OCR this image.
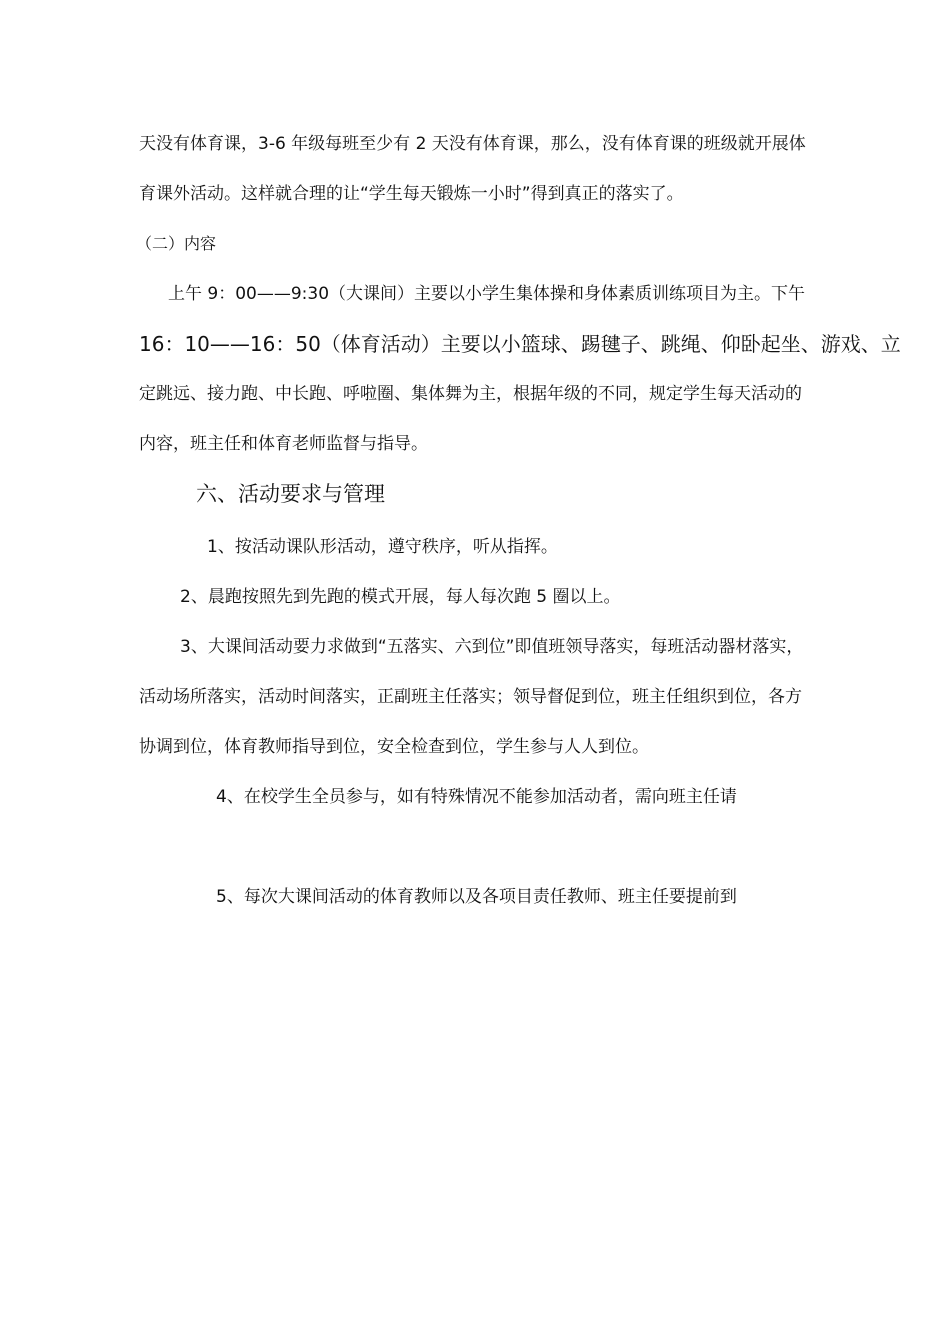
天没有体育课，3-6 年级每班至少有 2 天没有体育课，那么，没有体育课的班级就开展体
育课外活动。这样就合理的让“学生每天锻炼一小时”得到真正的落实了。
（二）内容
上午 9：00——9:30（大课间）主要以小学生集体操和身体素质训练项目为主。下午
16：10——16：50（体育活动）主要以小篮球、踢毽子、跳绳、仰卧起坐、游戏、立
定跳远、接力跑、中长跑、呼啦圈、集体舞为主，根据年级的不同，规定学生每天活动的
内容，班主任和体育老师监督与指导。
六、活动要求与管理
1、按活动课队形活动，遵守秩序，听从指挥。
2、晨跑按照先到先跑的模式开展，每人每次跑 5 圈以上。
3、大课间活动要力求做到“五落实、六到位”即值班领导落实，每班活动器材落实，
活动场所落实，活动时间落实，正副班主任落实；领导督促到位，班主任组织到位，各方
协调到位，体育教师指导到位，安全检查到位，学生参与人人到位。
4、在校学生全员参与，如有特殊情况不能参加活动者，需向班主任请
5、每次大课间活动的体育教师以及各项目责任教师、班主任要提前到
